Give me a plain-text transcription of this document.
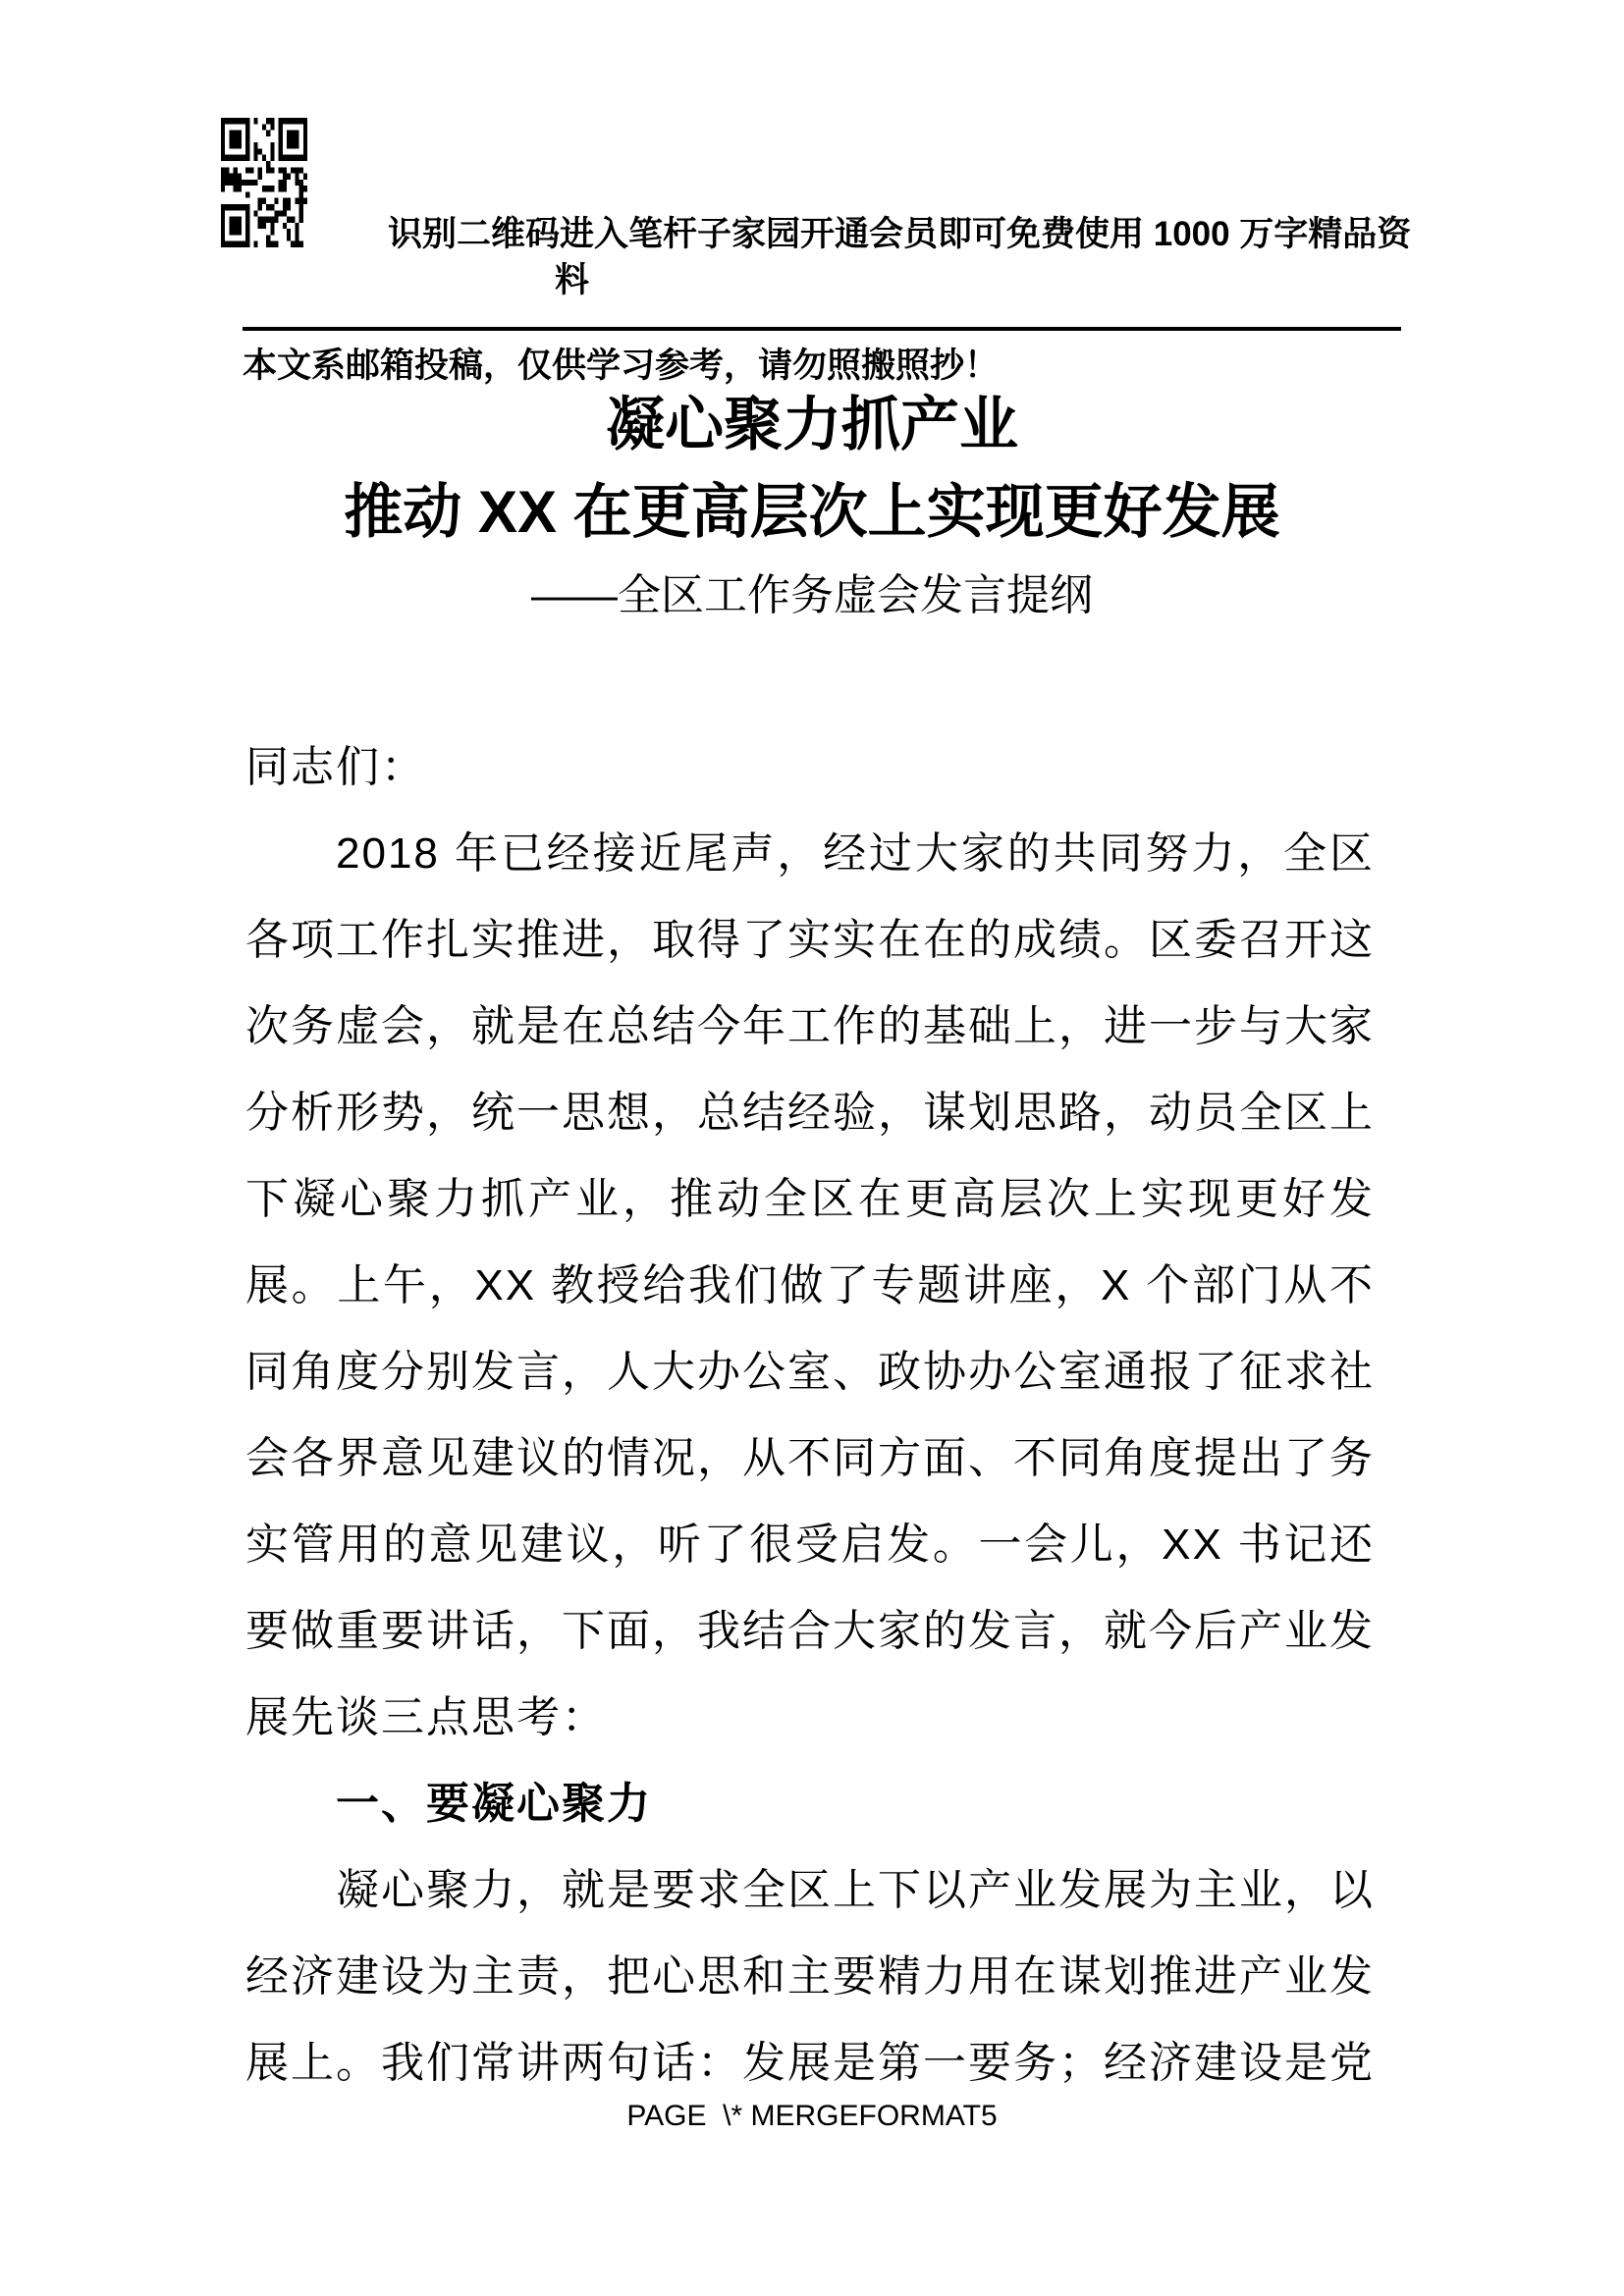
识别二维码进入笔杆子家园开通会员即可免费使用 1000 万字精品资
料
本文系邮箱投稿，仅供学习参考，请勿照搬照抄！
凝心聚力抓产业
推动 XX 在更高层次上实现更好发展
——全区工作务虚会发言提纲

同志们：

2018 年已经接近尾声，经过大家的共同努力，全区各项工作扎实推进，取得了实实在在的成绩。区委召开这次务虚会，就是在总结今年工作的基础上，进一步与大家分析形势，统一思想，总结经验，谋划思路，动员全区上下凝心聚力抓产业，推动全区在更高层次上实现更好发展。上午，XX 教授给我们做了专题讲座，X 个部门从不同角度分别发言，人大办公室、政协办公室通报了征求社会各界意见建议的情况，从不同方面、不同角度提出了务实管用的意见建议，听了很受启发。一会儿，XX 书记还要做重要讲话，下面，我结合大家的发言，就今后产业发展先谈三点思考：

一、要凝心聚力

凝心聚力，就是要求全区上下以产业发展为主业，以经济建设为主责，把心思和主要精力用在谋划推进产业发展上。我们常讲两句话：发展是第一要务；经济建设是党

PAGE  \* MERGEFORMAT5
